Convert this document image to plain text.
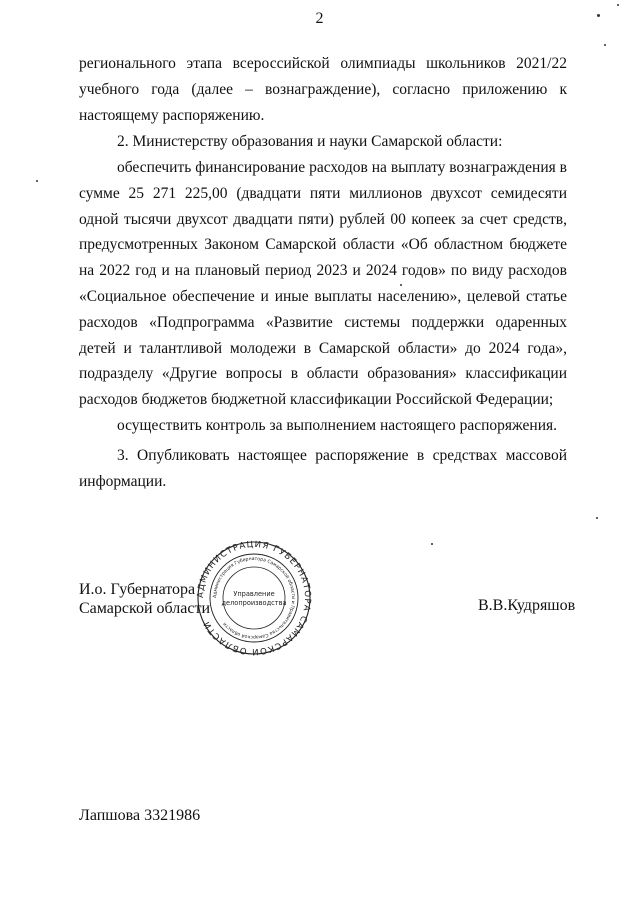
2

регионального этапа всероссийской олимпиады школьников 2021/22 учебного года (далее – вознаграждение), согласно приложению к настоящему распоряжению.

2. Министерству образования и науки Самарской области:

обеспечить финансирование расходов на выплату вознаграждения в сумме 25 271 225,00 (двадцати пяти миллионов двухсот семидесяти одной тысячи двухсот двадцати пяти) рублей 00 копеек за счет средств, предусмотренных Законом Самарской области «Об областном бюджете на 2022 год и на плановый период 2023 и 2024 годов» по виду расходов «Социальное обеспечение и иные выплаты населению», целевой статье расходов «Подпрограмма «Развитие системы поддержки одаренных детей и талантливой молодежи в Самарской области» до 2024 года», подразделу «Другие вопросы в области образования» классификации расходов бюджетов бюджетной классификации Российской Федерации;

осуществить контроль за выполнением настоящего распоряжения.

3. Опубликовать настоящее распоряжение в средствах массовой информации.

АДМИНИСТРАЦИЯ ГУБЕРНАТОРА САМАРСКОЙ ОБЛАСТИ
Администрация Губернатора Самарской области и Правительства Самарской области
Управление
делопроизводства
И.о. Губернатора
Самарской области	В.В.Кудряшов
Лапшова 3321986
